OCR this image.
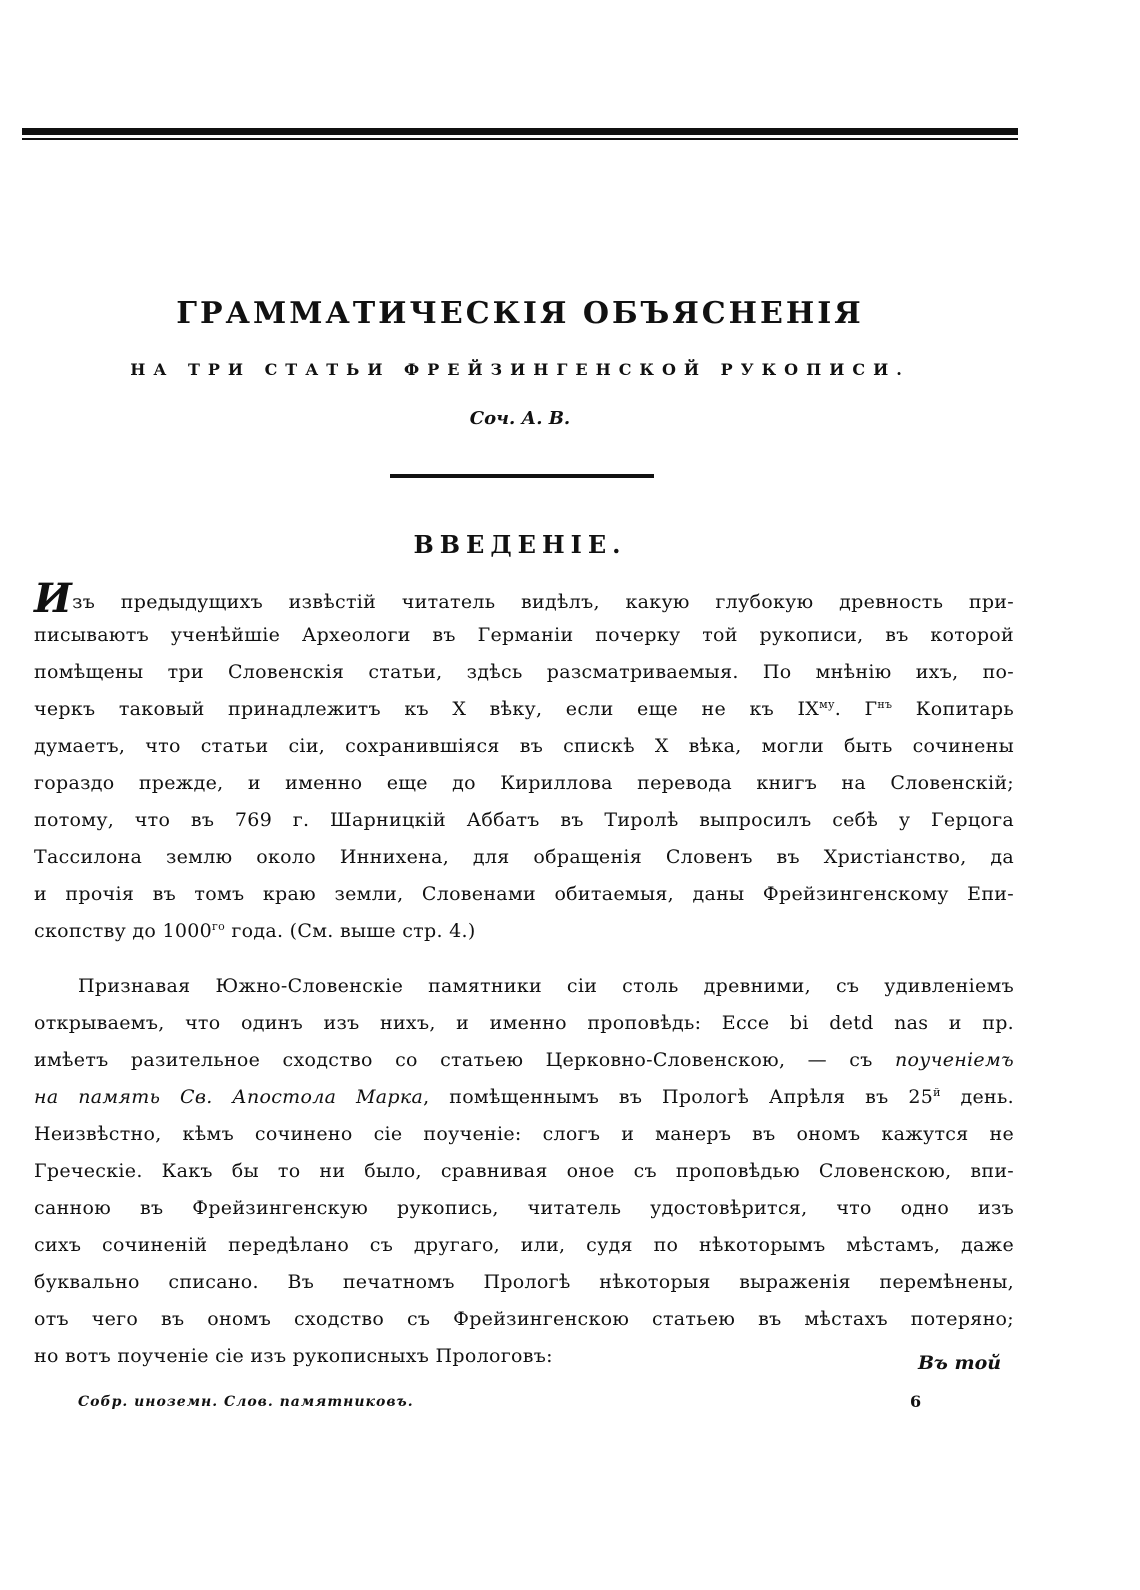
ГРАММАТИЧЕСКІЯ ОБЪЯСНЕНІЯ
НА ТРИ СТАТЬИ ФРЕЙЗИНГЕНСКОЙ РУКОПИСИ.
Соч. А. В.
ВВЕДЕНІЕ.
Изъ предыдущихъ извѣстій читатель видѣлъ, какую глубокую древность при-
писываютъ ученѣйшіе Археологи въ Германіи почерку той рукописи, въ которой
помѣщены три Словенскія статьи, здѣсь разсматриваемыя. По мнѣнію ихъ, по-
черкъ таковый принадлежитъ къ X вѣку, если еще не къ $IX^{му}$. $Г^{нъ}$ Копитарь
думаетъ, что статьи сіи, сохранившіяся въ спискѣ X вѣка, могли быть сочинены
гораздо прежде, и именно еще до Кириллова перевода книгъ на Словенскій;
потому, что въ 769 г. Шарницкій Аббатъ въ Тиролѣ выпросилъ себѣ у Герцога
Тассилона землю около Иннихена, для обращенія Словенъ въ Христіанство, да
и прочія въ томъ краю земли, Словенами обитаемыя, даны Фрейзингенскому Епи-
скопству до $1000^{го}$ года. (См. выше стр. 4.)
Признавая Южно-Словенскіе памятники сіи столь древними, съ удивленіемъ
открываемъ, что одинъ изъ нихъ, и именно проповѣдь: Ecce bi detd nas и пр.
имѣетъ разительное сходство со статьею Церковно-Словенскою, — съ поученіемъ
на память Св. Апостола Марка, помѣщеннымъ въ Прологѣ Апрѣля въ $25^й$ день.
Неизвѣстно, кѣмъ сочинено сіе поученіе: слогъ и манеръ въ ономъ кажутся не
Греческіе. Какъ бы то ни было, сравнивая оное съ проповѣдью Словенскою, впи-
санною въ Фрейзингенскую рукопись, читатель удостовѣрится, что одно изъ
сихъ сочиненій передѣлано съ другаго, или, судя по нѣкоторымъ мѣстамъ, даже
буквально списано. Въ печатномъ Прологѣ нѣкоторыя выраженія перемѣнены,
отъ чего въ ономъ сходство съ Фрейзингенскою статьею въ мѣстахъ потеряно;
но вотъ поученіе сіе изъ рукописныхъ Прологовъ:	Въ той
Собр. иноземн. Слов. памятниковъ.	6
